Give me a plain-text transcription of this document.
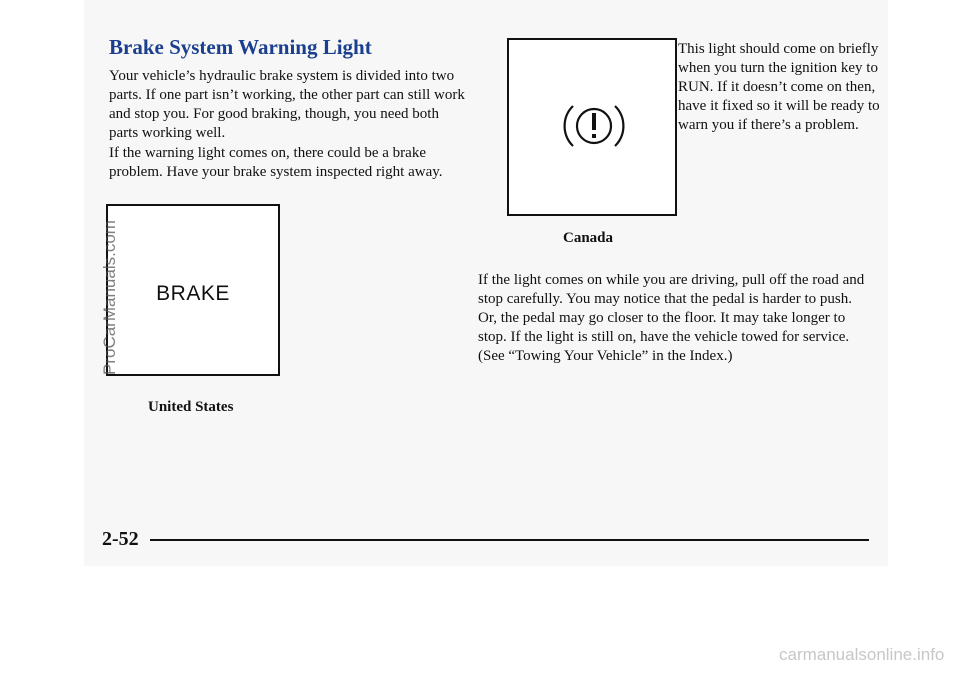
Brake System Warning Light

Your vehicle’s hydraulic brake system is divided into two parts. If one part isn’t working, the other part can still work and stop you. For good braking, though, you need both parts working well.

If the warning light comes on, there could be a brake problem. Have your brake system inspected right away.

BRAKE

United States

Canada

This light should come on briefly when you turn the ignition key to RUN. If it doesn’t come on then, have it fixed so it will be ready to warn you if there’s a problem.

If the light comes on while you are driving, pull off the road and stop carefully. You may notice that the pedal is harder to push. Or, the pedal may go closer to the floor. It may take longer to stop. If the light is still on, have the vehicle towed for service. (See “Towing Your Vehicle” in the Index.)

2-52

ProCarManuals.com
carmanualsonline.info
